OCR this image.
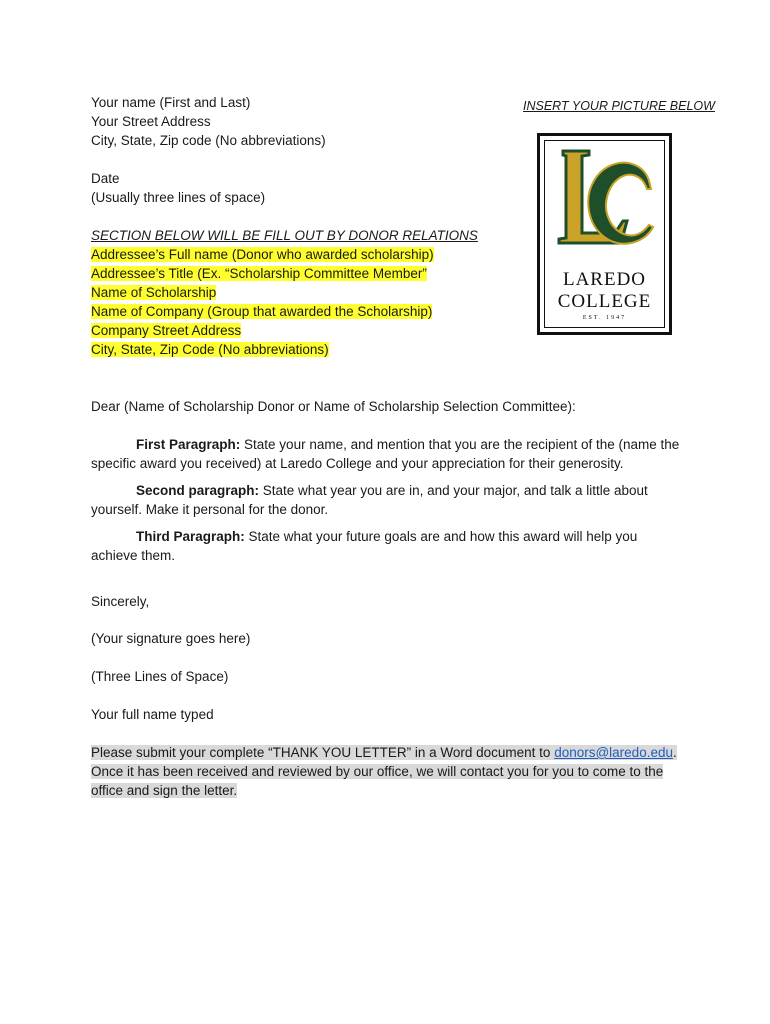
Your name (First and Last)
Your Street Address
City, State, Zip code (No abbreviations)
Date
(Usually three lines of space)
INSERT YOUR PICTURE BELOW
LAREDO
COLLEGE
EST. 1947
SECTION BELOW WILL BE FILL OUT BY DONOR RELATIONS
Addressee’s Full name (Donor who awarded scholarship)
Addressee’s Title (Ex. “Scholarship Committee Member”
Name of Scholarship
Name of Company (Group that awarded the Scholarship)
Company Street Address
City, State, Zip Code (No abbreviations)
Dear (Name of Scholarship Donor or Name of Scholarship Selection Committee):
First Paragraph: State your name, and mention that you are the recipient of the (name the specific award you received) at Laredo College and your appreciation for their generosity.
Second paragraph: State what year you are in, and your major, and talk a little about yourself. Make it personal for the donor.
Third Paragraph: State what your future goals are and how this award will help you achieve them.
Sincerely,
(Your signature goes here)
(Three Lines of Space)
Your full name typed
Please submit your complete “THANK YOU LETTER” in a Word document to donors@laredo.edu. Once it has been received and reviewed by our office, we will contact you for you to come to the office and sign the letter.
